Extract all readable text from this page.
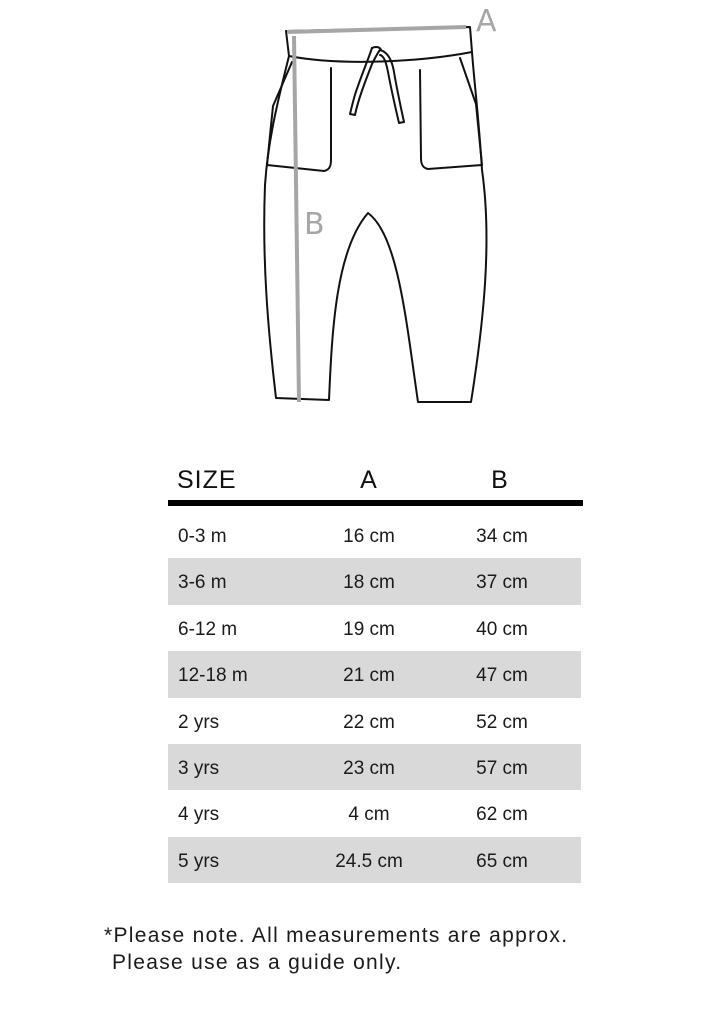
A
B
SIZE	A	B
0-3 m	16 cm	34 cm
3-6 m	18 cm	37 cm
6-12 m	19 cm	40 cm
12-18 m	21 cm	47 cm
2 yrs	22 cm	52 cm
3 yrs	23 cm	57 cm
4 yrs	4 cm	62 cm
5 yrs	24.5 cm	65 cm
*Please note. All measurements are approx.
Please use as a guide only.
